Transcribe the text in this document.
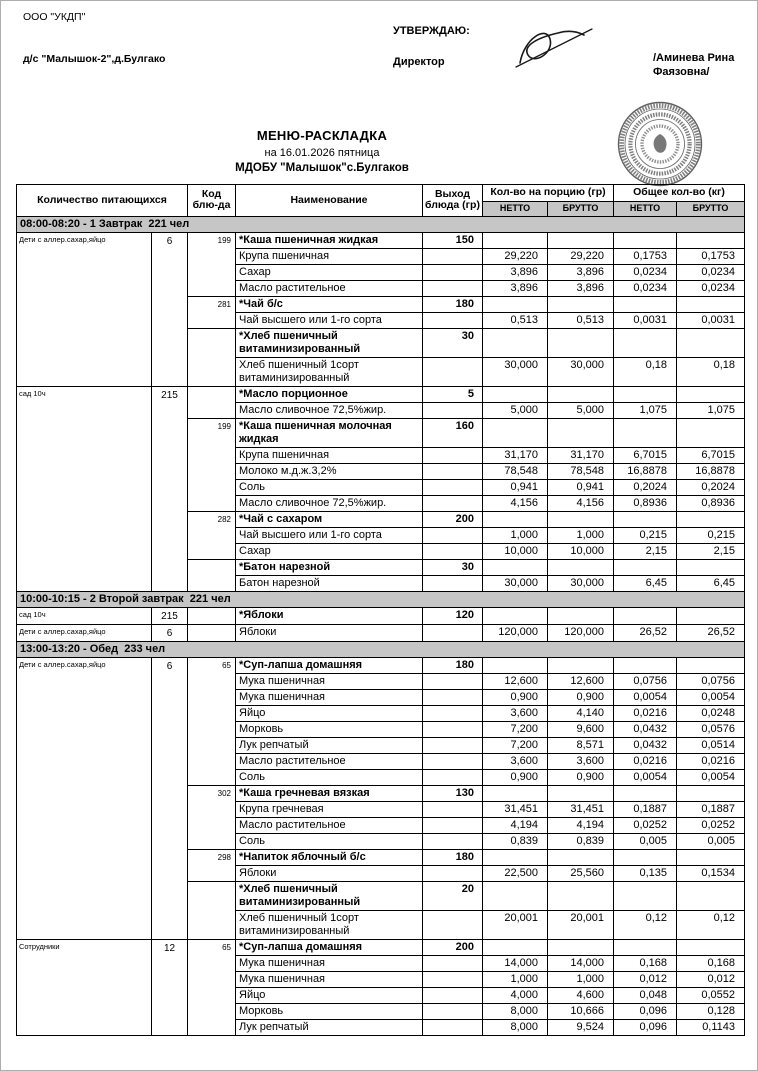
ООО "УКДП"
д/с "Малышок-2",д.Булгако
УТВЕРЖДАЮ:
Директор	/Аминева Рина Фаязовна/
МЕНЮ-РАСКЛАДКА
на 16.01.2026 пятница
МДОБУ "Малышок"с.Булгаков
Количество питающихся		Код блю-да	Наименование	Выход блюда (гр)	Кол-во на порцию (гр)		Общее кол-во (кг)	
					НЕТТО	БРУТТО	НЕТТО	БРУТТО
08:00-08:20 - 1 Завтрак  221 чел								
Дети с аллер.сахар,яйцо	6	199	*Каша пшеничная жидкая	150				
			Крупа пшеничная		29,220	29,220	0,1753	0,1753
			Сахар		3,896	3,896	0,0234	0,0234
			Масло растительное		3,896	3,896	0,0234	0,0234
		281	*Чай б/с	180				
			Чай высшего или 1-го сорта		0,513	0,513	0,0031	0,0031
			*Хлеб пшеничный витаминизированный	30				
			Хлеб пшеничный 1сорт витаминизированный		30,000	30,000	0,18	0,18
сад 10ч	215		*Масло порционное	5				
			Масло сливочное 72,5%жир.		5,000	5,000	1,075	1,075
		199	*Каша пшеничная молочная жидкая	160				
			Крупа пшеничная		31,170	31,170	6,7015	6,7015
			Молоко м.д.ж.3,2%		78,548	78,548	16,8878	16,8878
			Соль		0,941	0,941	0,2024	0,2024
			Масло сливочное 72,5%жир.		4,156	4,156	0,8936	0,8936
		282	*Чай с сахаром	200				
			Чай высшего или 1-го сорта		1,000	1,000	0,215	0,215
			Сахар		10,000	10,000	2,15	2,15
			*Батон нарезной	30				
			Батон нарезной		30,000	30,000	6,45	6,45
10:00-10:15 - 2 Второй завтрак  221 чел								
сад 10ч	215		*Яблоки	120				
Дети с аллер.сахар,яйцо	6		Яблоки		120,000	120,000	26,52	26,52
13:00-13:20 - Обед  233 чел								
Дети с аллер.сахар,яйцо	6	65	*Суп-лапша домашняя	180				
			Мука пшеничная		12,600	12,600	0,0756	0,0756
			Мука пшеничная		0,900	0,900	0,0054	0,0054
			Яйцо		3,600	4,140	0,0216	0,0248
			Морковь		7,200	9,600	0,0432	0,0576
			Лук репчатый		7,200	8,571	0,0432	0,0514
			Масло растительное		3,600	3,600	0,0216	0,0216
			Соль		0,900	0,900	0,0054	0,0054
		302	*Каша гречневая вязкая	130				
			Крупа гречневая		31,451	31,451	0,1887	0,1887
			Масло растительное		4,194	4,194	0,0252	0,0252
			Соль		0,839	0,839	0,005	0,005
		298	*Напиток яблочный б/с	180				
			Яблоки		22,500	25,560	0,135	0,1534
			*Хлеб пшеничный витаминизированный	20				
			Хлеб пшеничный 1сорт витаминизированный		20,001	20,001	0,12	0,12
Сотрудники	12	65	*Суп-лапша домашняя	200				
			Мука пшеничная		14,000	14,000	0,168	0,168
			Мука пшеничная		1,000	1,000	0,012	0,012
			Яйцо		4,000	4,600	0,048	0,0552
			Морковь		8,000	10,666	0,096	0,128
			Лук репчатый		8,000	9,524	0,096	0,1143
